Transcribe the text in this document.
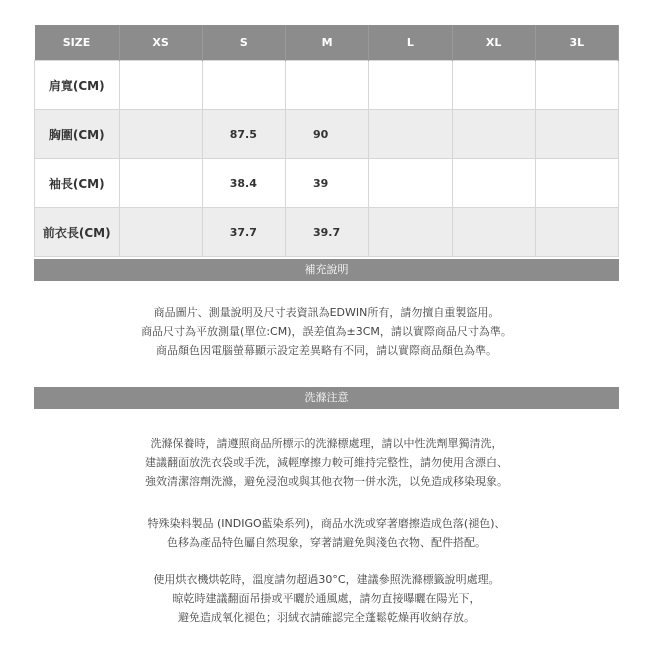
SIZE	XS	S	M	L	XL	3L
肩寬(CM)						
胸圍(CM)		87.5	90			
袖長(CM)		38.4	39			
前衣長(CM)		37.7	39.7			
補充說明

商品圖片、測量說明及尺寸表資訊為EDWIN所有，請勿擅自重製盜用。

商品尺寸為平放測量(單位:CM)，誤差值為±3CM，請以實際商品尺寸為準。

商品顏色因電腦螢幕顯示設定差異略有不同，請以實際商品顏色為準。

洗滌注意

洗滌保養時，請遵照商品所標示的洗滌標處理，請以中性洗劑單獨清洗，

建議翻面放洗衣袋或手洗，減輕摩擦力較可維持完整性，請勿使用含漂白、

強效清潔溶劑洗滌，避免浸泡或與其他衣物一併水洗，以免造成移染現象。

特殊染料製品 (INDIGO藍染系列)，商品水洗或穿著磨擦造成色落(褪色)、

色移為產品特色屬自然現象，穿著請避免與淺色衣物、配件搭配。

使用烘衣機烘乾時，溫度請勿超過30°C，建議參照洗滌標籤說明處理。

晾乾時建議翻面吊掛或平曬於通風處，請勿直接曝曬在陽光下，

避免造成氧化褪色；羽絨衣請確認完全蓬鬆乾燥再收納存放。
